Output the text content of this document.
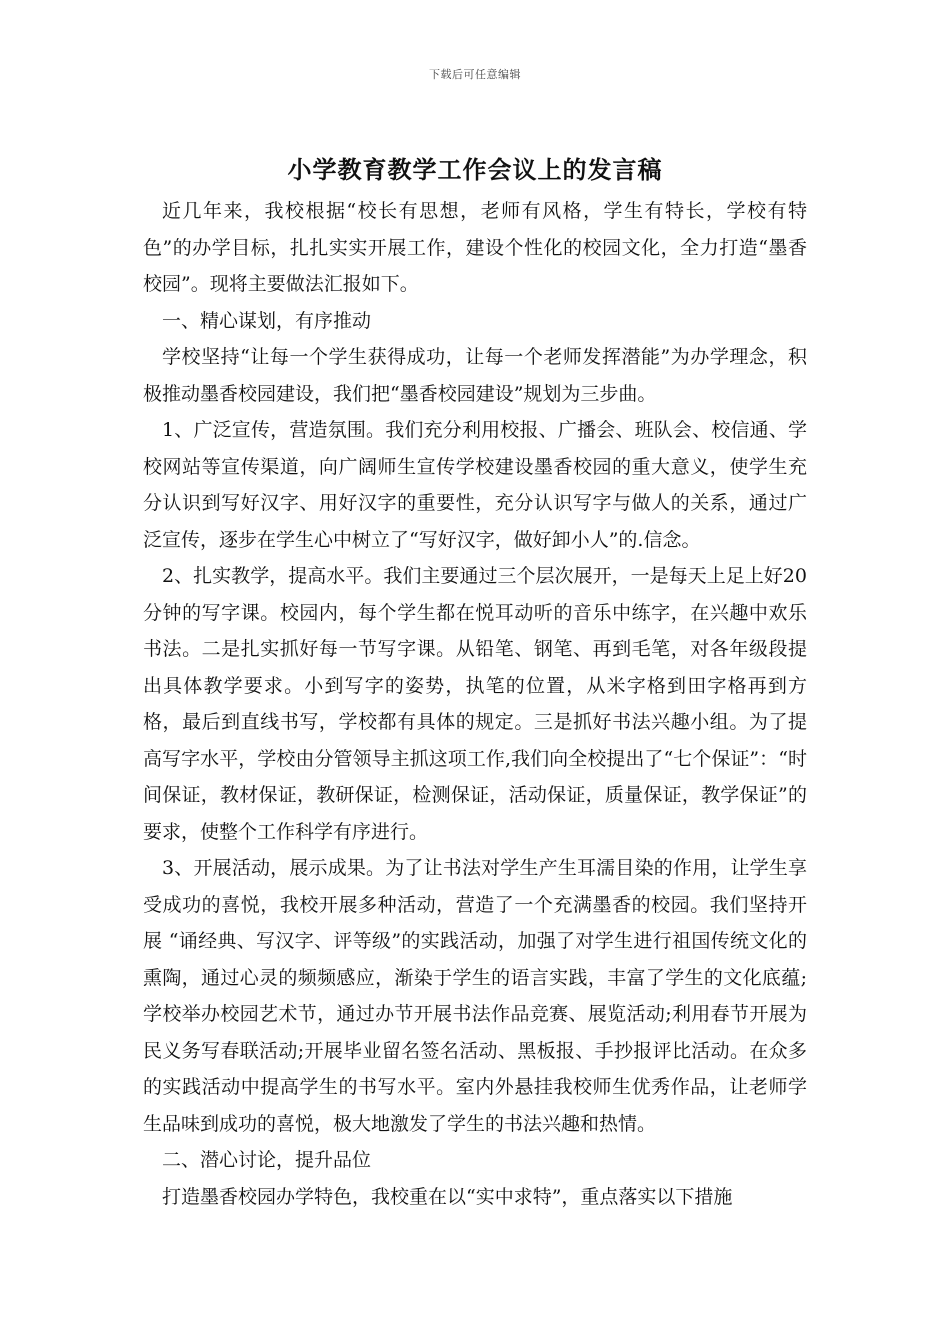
下载后可任意编辑
小学教育教学工作会议上的发言稿

近几年来，我校根据“校长有思想，老师有风格，学生有特长，学校有特色”的办学目标，扎扎实实开展工作，建设个性化的校园文化，全力打造“墨香校园”。现将主要做法汇报如下。

一、精心谋划，有序推动

学校坚持“让每一个学生获得成功，让每一个老师发挥潜能”为办学理念，积极推动墨香校园建设，我们把“墨香校园建设”规划为三步曲。

1、广泛宣传，营造氛围。我们充分利用校报、广播会、班队会、校信通、学校网站等宣传渠道，向广阔师生宣传学校建设墨香校园的重大意义，使学生充分认识到写好汉字、用好汉字的重要性，充分认识写字与做人的关系，通过广泛宣传，逐步在学生心中树立了“写好汉字，做好卸小人”的.信念。

2、扎实教学，提高水平。我们主要通过三个层次展开，一是每天上足上好20分钟的写字课。校园内，每个学生都在悦耳动听的音乐中练字，在兴趣中欢乐书法。二是扎实抓好每一节写字课。从铅笔、钢笔、再到毛笔，对各年级段提出具体教学要求。小到写字的姿势，执笔的位置，从米字格到田字格再到方格，最后到直线书写，学校都有具体的规定。三是抓好书法兴趣小组。为了提高写字水平，学校由分管领导主抓这项工作,我们向全校提出了“七个保证”：“时间保证，教材保证，教研保证，检测保证，活动保证，质量保证，教学保证”的要求，使整个工作科学有序进行。

3、开展活动，展示成果。为了让书法对学生产生耳濡目染的作用，让学生享受成功的喜悦，我校开展多种活动，营造了一个充满墨香的校园。我们坚持开展 “诵经典、写汉字、评等级”的实践活动，加强了对学生进行祖国传统文化的熏陶，通过心灵的频频感应，渐染于学生的语言实践，丰富了学生的文化底蕴;学校举办校园艺术节，通过办节开展书法作品竞赛、展览活动;利用春节开展为民义务写春联活动;开展毕业留名签名活动、黑板报、手抄报评比活动。在众多的实践活动中提高学生的书写水平。室内外悬挂我校师生优秀作品，让老师学生品味到成功的喜悦，极大地激发了学生的书法兴趣和热情。

二、潜心讨论，提升品位

打造墨香校园办学特色，我校重在以“实中求特”，重点落实以下措施
